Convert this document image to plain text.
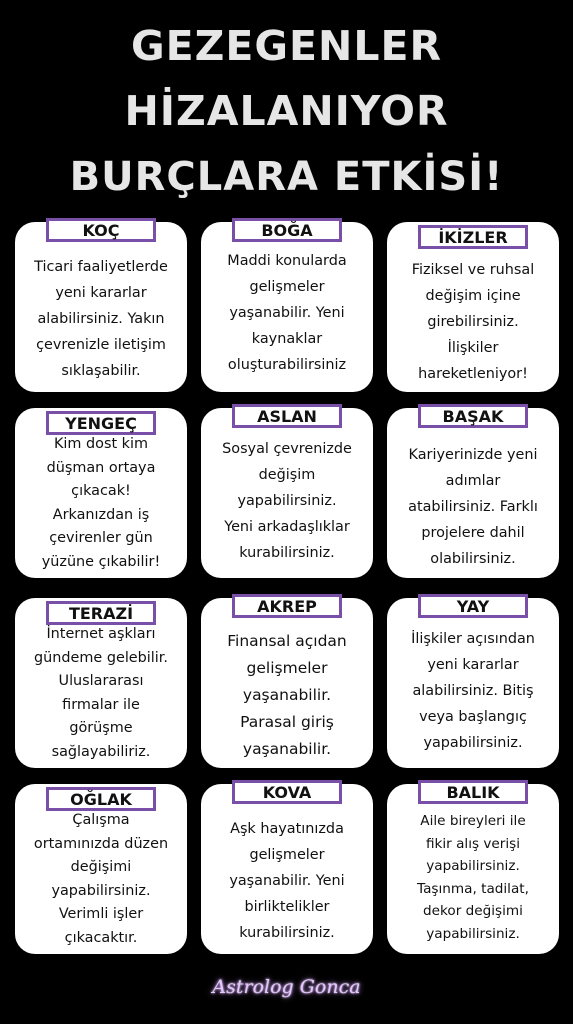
GEZEGENLER
HİZALANIYOR
BURÇLARA ETKİSİ!
KOÇ
Ticari faaliyetlerde
yeni kararlar
alabilirsiniz. Yakın
çevrenizle iletişim
sıklaşabilir.
BOĞA
Maddi konularda
gelişmeler
yaşanabilir. Yeni
kaynaklar
oluşturabilirsiniz
İKİZLER
Fiziksel ve ruhsal
değişim içine
girebilirsiniz.
İlişkiler
hareketleniyor!
YENGEÇ
Kim dost kim
düşman ortaya
çıkacak!
Arkanızdan iş
çevirenler gün
yüzüne çıkabilir!
ASLAN
Sosyal çevrenizde
değişim
yapabilirsiniz.
Yeni arkadaşlıklar
kurabilirsiniz.
BAŞAK
Kariyerinizde yeni
adımlar
atabilirsiniz. Farklı
projelere dahil
olabilirsiniz.
TERAZİ
İnternet aşkları
gündeme gelebilir.
Uluslararası
firmalar ile
görüşme
sağlayabiliriz.
AKREP
Finansal açıdan
gelişmeler
yaşanabilir.
Parasal giriş
yaşanabilir.
YAY
İlişkiler açısından
yeni kararlar
alabilirsiniz. Bitiş
veya başlangıç
yapabilirsiniz.
OĞLAK
Çalışma
ortamınızda düzen
değişimi
yapabilirsiniz.
Verimli işler
çıkacaktır.
KOVA
Aşk hayatınızda
gelişmeler
yaşanabilir. Yeni
birliktelikler
kurabilirsiniz.
BALIK
Aile bireyleri ile
fikir alış verişi
yapabilirsiniz.
Taşınma, tadilat,
dekor değişimi
yapabilirsiniz.
Astrolog Gonca
